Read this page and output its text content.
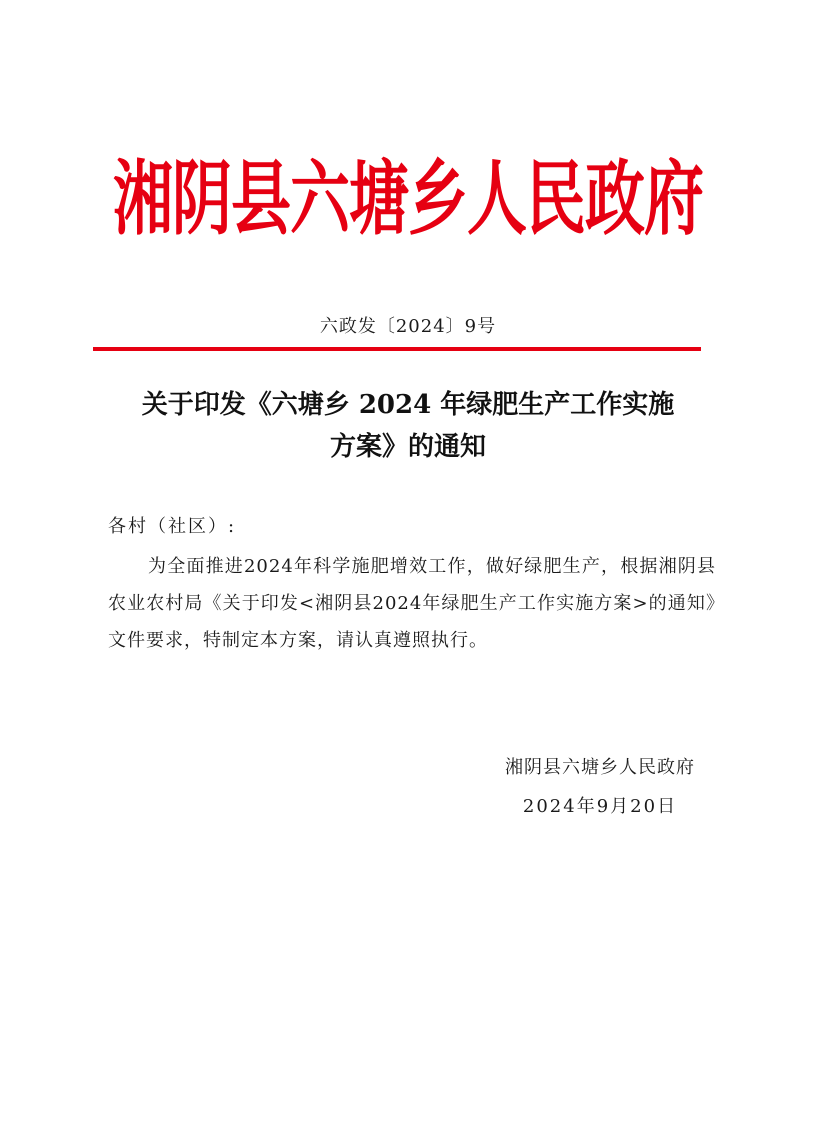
湘阴县六塘乡人民政府
六政发〔2024〕9号
关于印发《六塘乡 2024 年绿肥生产工作实施
方案》的通知
各村（社区）:
为全面推进2024年科学施肥增效工作，做好绿肥生产，根据湘阴县农业农村局《关于印发<湘阴县2024年绿肥生产工作实施方案>的通知》文件要求，特制定本方案，请认真遵照执行。
湘阴县六塘乡人民政府
2024年9月20日
